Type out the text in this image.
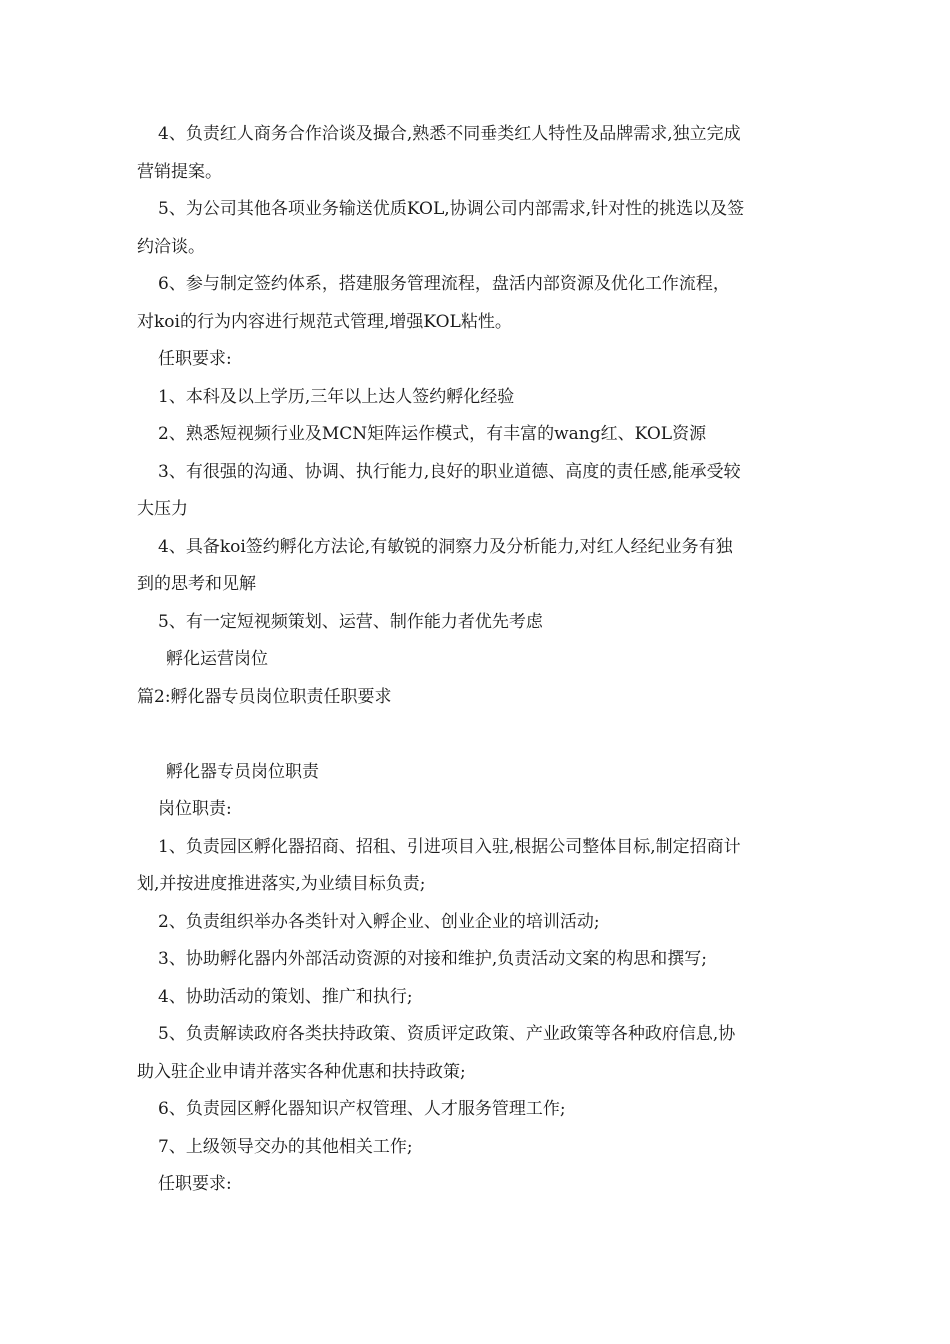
4、负责红人商务合作洽谈及撮合,熟悉不同垂类红人特性及品牌需求,独立完成
营销提案。
5、为公司其他各项业务输送优质KOL,协调公司内部需求,针对性的挑选以及签
约洽谈。
6、参与制定签约体系，搭建服务管理流程，盘活内部资源及优化工作流程，
对koi的行为内容进行规范式管理,增强KOL粘性。
任职要求:
1、本科及以上学历,三年以上达人签约孵化经验
2、熟悉短视频行业及MCN矩阵运作模式，有丰富的wang红、KOL资源
3、有很强的沟通、协调、执行能力,良好的职业道德、高度的责任感,能承受较
大压力
4、具备koi签约孵化方法论,有敏锐的洞察力及分析能力,对红人经纪业务有独
到的思考和见解
5、有一定短视频策划、运营、制作能力者优先考虑
孵化运营岗位
篇2:孵化器专员岗位职责任职要求
孵化器专员岗位职责
岗位职责:
1、负责园区孵化器招商、招租、引进项目入驻,根据公司整体目标,制定招商计
划,并按进度推进落实,为业绩目标负责;
2、负责组织举办各类针对入孵企业、创业企业的培训活动;
3、协助孵化器内外部活动资源的对接和维护,负责活动文案的构思和撰写;
4、协助活动的策划、推广和执行;
5、负责解读政府各类扶持政策、资质评定政策、产业政策等各种政府信息,协
助入驻企业申请并落实各种优惠和扶持政策;
6、负责园区孵化器知识产权管理、人才服务管理工作;
7、上级领导交办的其他相关工作;
任职要求:
